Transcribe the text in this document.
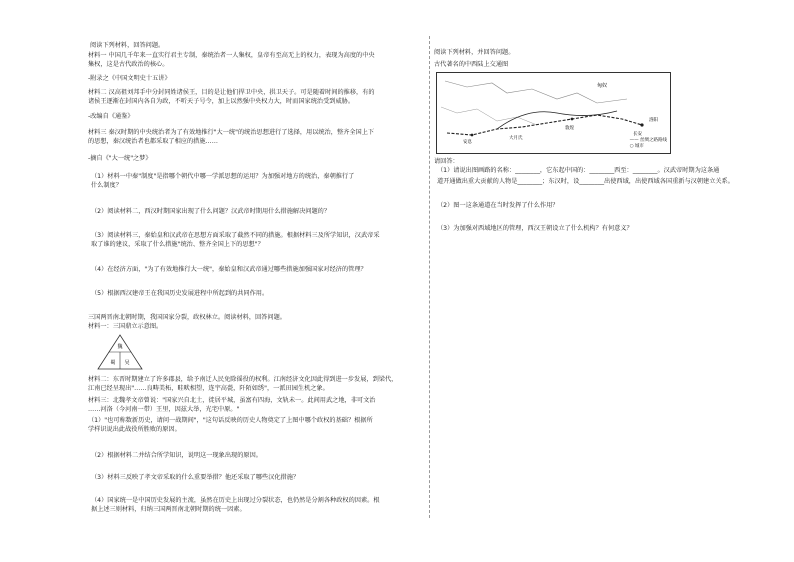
阅读下列材料，回答问题。
材料一 中国几千年来一直实行君主专制，秦统治者一人集权，皇帝有至高无上的权力，表现为高度的中央
集权，这是古代政治的核心。
-附录之《中国文明史十五讲》
材料二 汉高祖刘邦手中分封同姓诸侯王，目的是让他们捍卫中央，拱卫天子。可是随着时间的推移，有的
诸侯王逐渐在封国内各自为政，不听天子号令，加上以然强中央权力大，时而国家统治受到威胁。
-改编自《通鉴》
材料三 秦汉时期的中央统治者为了有效地推行"大一统"的统治思想进行了选择，用以统治，整齐全国上下
的思想，秦汉统治者也都采取了相应的措施……
-摘自《"大一统"之梦》
（1）材料一中秦"制度"是指哪个朝代中哪一学派思想的运用？为加强对地方的统治，秦朝推行了
什么制度？
（2）阅读材料二，西汉时期国家出现了什么问题？汉武帝时期用什么措施解决问题的？
（3）阅读材料三，秦始皇和汉武帝在思想方面采取了截然不同的措施。根据材料三及所学知识，汉武帝采
取了谁的建议，采取了什么措施"统治、整齐全国上下的思想"？
（4）在经济方面，"为了有效地推行大一统"，秦始皇和汉武帝通过哪些措施加强国家对经济的管理？
（5）根据西汉建帝王在我国历史发展进程中所起到的共同作用。
三国两晋南北朝时期，我国国家分裂，政权林立。阅读材料，回答问题。
材料一：三国鼎立示意图。
魏
蜀 吴
材料二：东晋时期建立了许多郡县，给予南迁人民免除徭役的权利。江南经济文化因此得到进一步发展，到梁代，
江南已经呈现出"……良畴美柘，畦畎相望，连宇高甍，阡陌如绣"，一派田园生机之象。
材料三：北魏孝文帝曾说："国家兴自北土，徙居平城，虽富有四海，文轨未一。此间用武之地，非可文治
……河洛（今河南一带）王里，因兹大举，光宅中原。"
（1）"也可称数新历史，请问一战期间"，"这句话反映的历史人物奠定了上图中哪个政权的基础？根据所
学样识说出此战役所胜败的原因。
（2）根据材料二并结合所学知识，说明这一现象出现的原因。
（3）材料三反映了孝文帝采取的什么重要举措？他还采取了哪些汉化措施？
（4）国家统一是中国历史发展的主流，虽然在历史上出现过分裂状态，也仍然是分割各种政权的因素。根
据上述三则材料，归纳三国两晋南北朝时期的统一因素。
阅读下列材料，并回答问题。
古代著名的中西陆上交通图
匈奴
长安
洛阳
敦煌
安息
大月氏	—— 丝绸之路路线
○ 城市
请回答：
（1）请说出图画路的名称：________，它东起中国的：________西至：________。汉武帝时期为这条通
道开通做出重大贡献的人物是________；东汉时，设________出使西域，出使西域各国重新与汉朝建立关系。
（2）图一这条通道在当时发挥了什么作用？
（3）为加强对西域地区的管理，西汉王朝设立了什么机构？有何意义？
